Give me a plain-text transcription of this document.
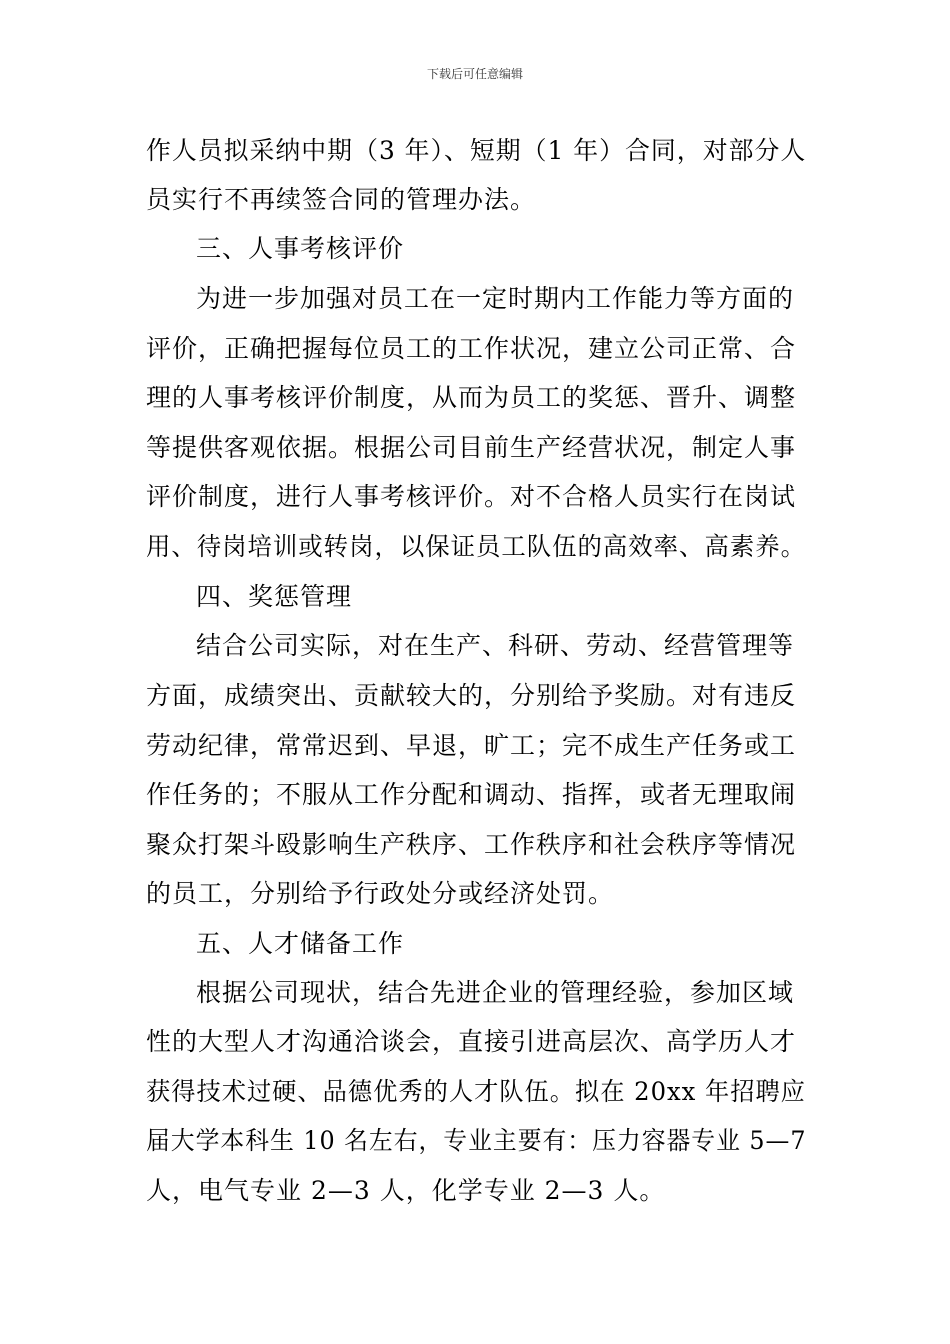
下载后可任意编辑
作人员拟采纳中期（3 年）、短期（1 年）合同，对部分人
员实行不再续签合同的管理办法。
三、人事考核评价
为进一步加强对员工在一定时期内工作能力等方面的
评价，正确把握每位员工的工作状况，建立公司正常、合
理的人事考核评价制度，从而为员工的奖惩、晋升、调整
等提供客观依据。根据公司目前生产经营状况，制定人事
评价制度，进行人事考核评价。对不合格人员实行在岗试
用、待岗培训或转岗，以保证员工队伍的高效率、高素养。
四、奖惩管理
结合公司实际，对在生产、科研、劳动、经营管理等
方面，成绩突出、贡献较大的，分别给予奖励。对有违反
劳动纪律，常常迟到、早退，旷工；完不成生产任务或工
作任务的；不服从工作分配和调动、指挥，或者无理取闹
聚众打架斗殴影响生产秩序、工作秩序和社会秩序等情况
的员工，分别给予行政处分或经济处罚。
五、人才储备工作
根据公司现状，结合先进企业的管理经验，参加区域
性的大型人才沟通洽谈会，直接引进高层次、高学历人才
获得技术过硬、品德优秀的人才队伍。拟在 20xx 年招聘应
届大学本科生 10 名左右，专业主要有：压力容器专业 5—7
人，电气专业 2—3 人，化学专业 2—3 人。
